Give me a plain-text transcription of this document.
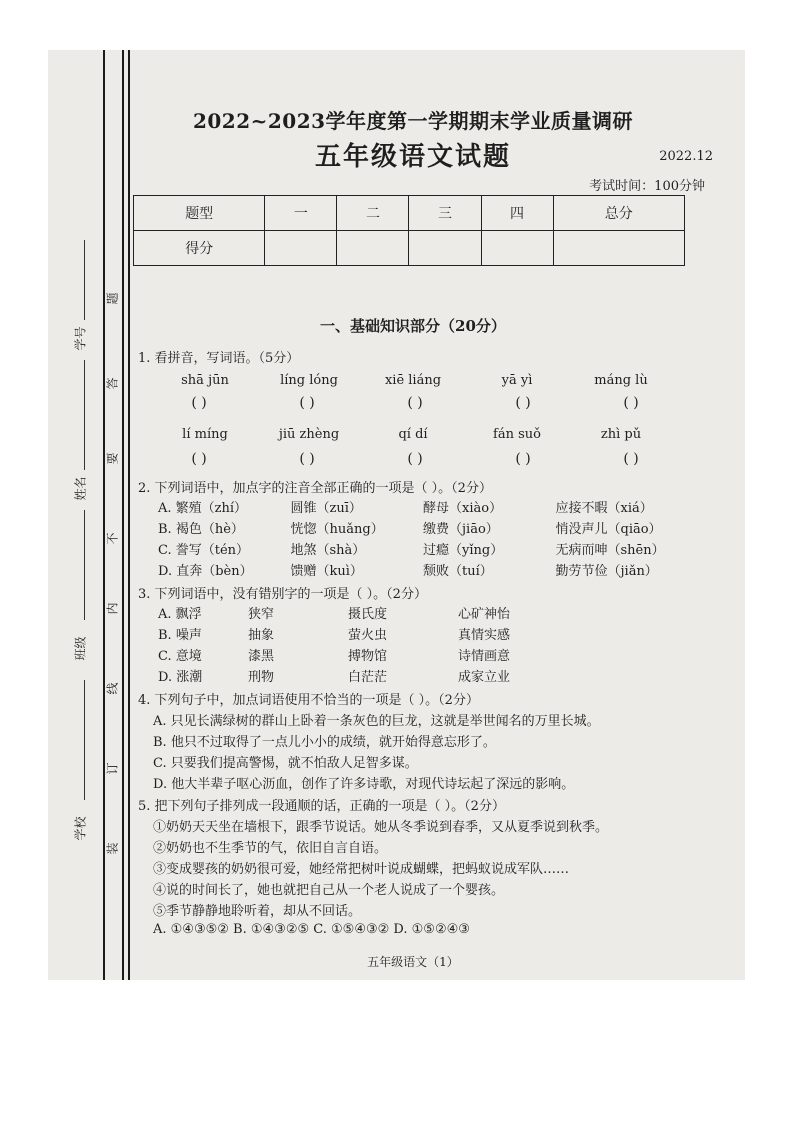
学号
姓名
班级
学校
装
订
线
内
不
要
答
题
2022~2023学年度第一学期期末学业质量调研
五年级语文试题	2022.12
考试时间：100分钟
题型	一	二	三	四	总分
得分					
一、基础知识部分（20分）
1. 看拼音，写词语。（5分）
shā jūn	líng lóng	xiē liáng	yā yì	máng lù
( )	( )	( )	( )	( )
lí míng	jiū zhèng	qí dí	fán suǒ	zhì pǔ
( )	( )	( )	( )	( )
2. 下列词语中，加点字的注音全部正确的一项是（ ）。（2分）
A. 繁殖（zhí）	圆锥（zuī）	酵母（xiào）	应接不暇（xiá）
B. 褐色（hè）	恍惚（huǎng）	缴费（jiāo）	悄没声儿（qiāo）
C. 誊写（tén）	地煞（shà）	过瘾（yǐng）	无病而呻（shēn）
D. 直奔（bèn）	馈赠（kuì）	颓败（tuí）	勤劳节俭（jiǎn）
3. 下列词语中，没有错别字的一项是（ ）。（2分）
A. 飘浮	狭窄	摄氏度	心矿神怡
B. 噪声	抽象	萤火虫	真情实感
C. 意境	漆黑	搏物馆	诗情画意
D. 涨潮	刑物	白茫茫	成家立业
4. 下列句子中，加点词语使用不恰当的一项是（ ）。（2分）
A. 只见长满绿树的群山上卧着一条灰色的巨龙，这就是举世闻名的万里长城。
B. 他只不过取得了一点儿小小的成绩，就开始得意忘形了。
C. 只要我们提高警惕，就不怕敌人足智多谋。
D. 他大半辈子呕心沥血，创作了许多诗歌，对现代诗坛起了深远的影响。
5. 把下列句子排列成一段通顺的话，正确的一项是（ ）。（2分）
①奶奶天天坐在墙根下，跟季节说话。她从冬季说到春季，又从夏季说到秋季。
②奶奶也不生季节的气，依旧自言自语。
③变成婴孩的奶奶很可爱，她经常把树叶说成蝴蝶，把蚂蚁说成军队……
④说的时间长了，她也就把自己从一个老人说成了一个婴孩。
⑤季节静静地聆听着，却从不回话。
A. ①④③⑤② B. ①④③②⑤ C. ①⑤④③② D. ①⑤②④③
五年级语文（1）
